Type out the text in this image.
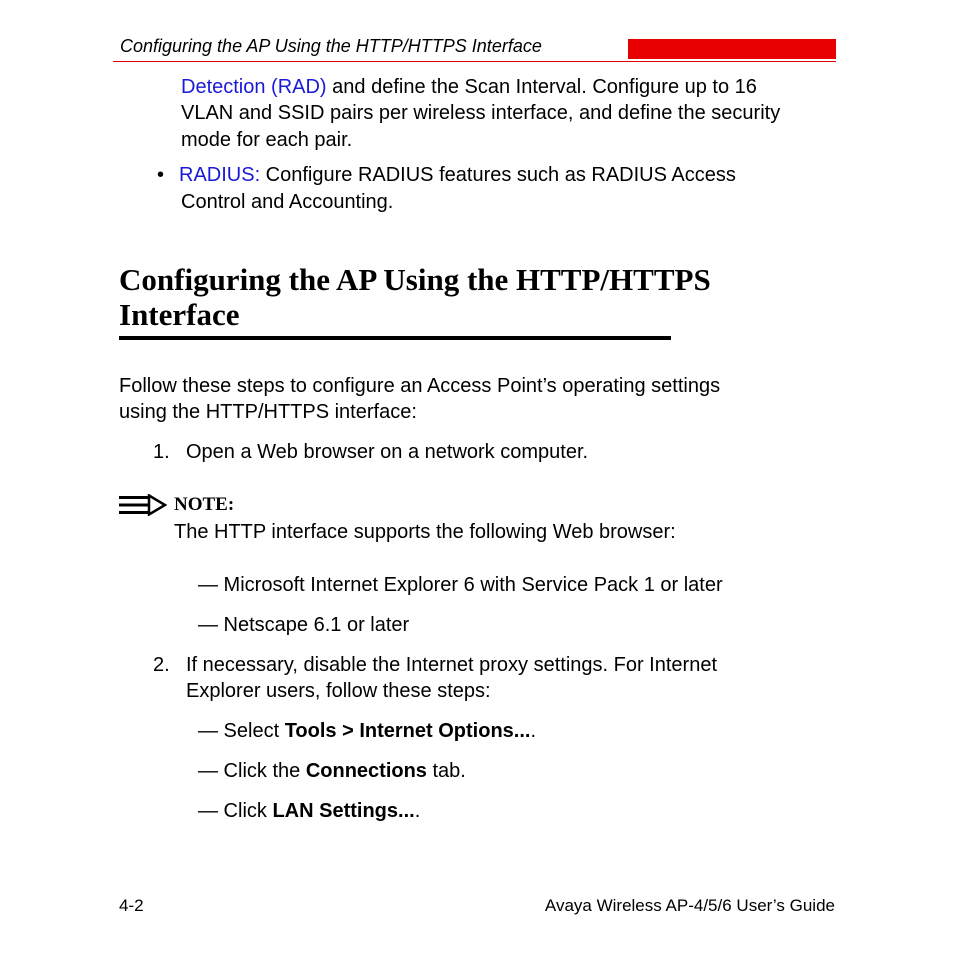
Configuring the AP Using the HTTP/HTTPS Interface
Detection (RAD) and define the Scan Interval. Configure up to 16
VLAN and SSID pairs per wireless interface, and define the security
mode for each pair.
• RADIUS: Configure RADIUS features such as RADIUS Access
Control and Accounting.
Configuring the AP Using the HTTP/HTTPS
Interface
Follow these steps to configure an Access Point’s operating settings
using the HTTP/HTTPS interface:
1. Open a Web browser on a network computer.
NOTE:
The HTTP interface supports the following Web browser:
— Microsoft Internet Explorer 6 with Service Pack 1 or later
— Netscape 6.1 or later
2. If necessary, disable the Internet proxy settings. For Internet
Explorer users, follow these steps:
— Select Tools > Internet Options....
— Click the Connections tab.
— Click LAN Settings....
4-2	Avaya Wireless AP-4/5/6 User’s Guide
